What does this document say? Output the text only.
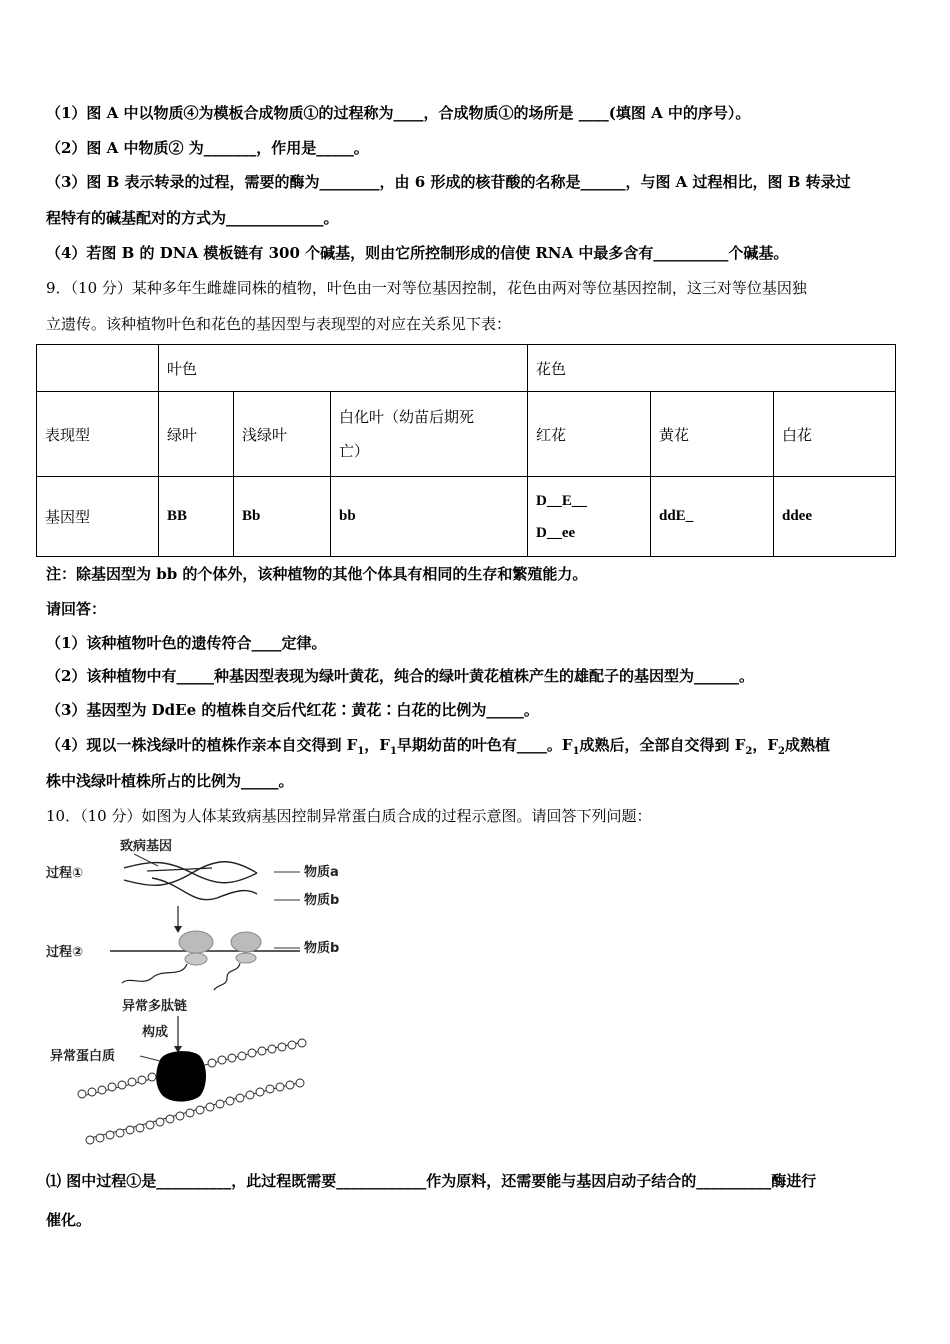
（1）图 A 中以物质④为模板合成物质①的过程称为____，合成物质①的场所是 ____(填图 A 中的序号）。
（2）图 A 中物质② 为_______，作用是_____。
（3）图 B 表示转录的过程，需要的酶为________，由 6 形成的核苷酸的名称是______，与图 A 过程相比，图 B 转录过
程特有的碱基配对的方式为_____________。
（4）若图 B 的 DNA 模板链有 300 个碱基，则由它所控制形成的信使 RNA 中最多含有__________个碱基。
9．（10 分）某种多年生雌雄同株的植物，叶色由一对等位基因控制，花色由两对等位基因控制，这三对等位基因独
立遗传。该种植物叶色和花色的基因型与表现型的对应在关系见下表：
	叶色			花色		
表现型	绿叶	浅绿叶	白化叶（幼苗后期死
亡）	红花	黄花	白花
基因型	BB	Bb	bb	D__E__
D__ee	ddE_	ddee
注：除基因型为 bb 的个体外，该种植物的其他个体具有相同的生存和繁殖能力。
请回答：
（1）该种植物叶色的遗传符合____定律。
（2）该种植物中有_____种基因型表现为绿叶黄花，纯合的绿叶黄花植株产生的雄配子的基因型为______。
（3）基因型为 DdEe 的植株自交后代红花∶黄花∶白花的比例为_____。
（4）现以一株浅绿叶的植株作亲本自交得到 $F_1$，$F_1$早期幼苗的叶色有____。$F_1$成熟后，全部自交得到 $F_2$，$F_2$成熟植
株中浅绿叶植株所占的比例为_____。
10．（10 分）如图为人体某致病基因控制异常蛋白质合成的过程示意图。请回答下列问题：
致病基因
过程①	物质a
物质b
过程②	物质b
异常多肽链
构成
异常蛋白质
⑴ 图中过程①是__________，此过程既需要____________作为原料，还需要能与基因启动子结合的__________酶进行
催化。
